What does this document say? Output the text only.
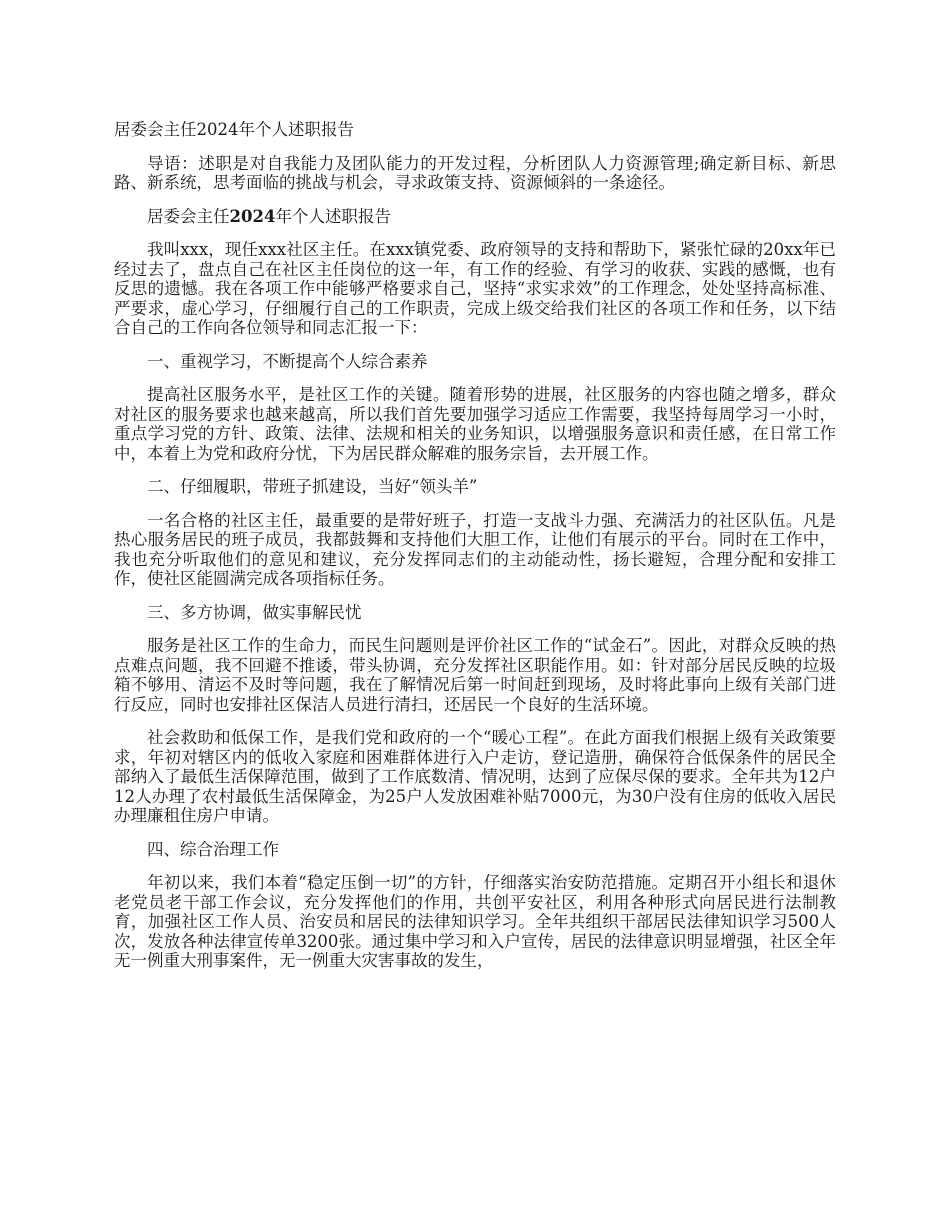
居委会主任2024年个人述职报告

导语：述职是对自我能力及团队能力的开发过程，分析团队人力资源管理;确定新目标、新思路、新系统，思考面临的挑战与机会，寻求政策支持、资源倾斜的一条途径。

居委会主任2024年个人述职报告

我叫xxx，现任xxx社区主任。在xxx镇党委、政府领导的支持和帮助下，紧张忙碌的20xx年已经过去了，盘点自己在社区主任岗位的这一年，有工作的经验、有学习的收获、实践的感慨，也有反思的遗憾。我在各项工作中能够严格要求自己，坚持“求实求效”的工作理念，处处坚持高标准、严要求，虚心学习，仔细履行自己的工作职责，完成上级交给我们社区的各项工作和任务，以下结合自己的工作向各位领导和同志汇报一下：

一、重视学习，不断提高个人综合素养

提高社区服务水平，是社区工作的关键。随着形势的进展，社区服务的内容也随之增多，群众对社区的服务要求也越来越高，所以我们首先要加强学习适应工作需要，我坚持每周学习一小时，重点学习党的方针、政策、法律、法规和相关的业务知识，以增强服务意识和责任感，在日常工作中，本着上为党和政府分忧，下为居民群众解难的服务宗旨，去开展工作。

二、仔细履职，带班子抓建设，当好“领头羊”

一名合格的社区主任，最重要的是带好班子，打造一支战斗力强、充满活力的社区队伍。凡是热心服务居民的班子成员，我都鼓舞和支持他们大胆工作，让他们有展示的平台。同时在工作中，我也充分听取他们的意见和建议，充分发挥同志们的主动能动性，扬长避短，合理分配和安排工作，使社区能圆满完成各项指标任务。

三、多方协调，做实事解民忧

服务是社区工作的生命力，而民生问题则是评价社区工作的“试金石”。因此，对群众反映的热点难点问题，我不回避不推诿，带头协调，充分发挥社区职能作用。如：针对部分居民反映的垃圾箱不够用、清运不及时等问题，我在了解情况后第一时间赶到现场，及时将此事向上级有关部门进行反应，同时也安排社区保洁人员进行清扫，还居民一个良好的生活环境。

社会救助和低保工作，是我们党和政府的一个“暖心工程”。在此方面我们根据上级有关政策要求，年初对辖区内的低收入家庭和困难群体进行入户走访，登记造册，确保符合低保条件的居民全部纳入了最低生活保障范围，做到了工作底数清、情况明，达到了应保尽保的要求。全年共为12户12人办理了农村最低生活保障金，为25户人发放困难补贴7000元，为30户没有住房的低收入居民办理廉租住房户申请。

四、综合治理工作

年初以来，我们本着“稳定压倒一切”的方针，仔细落实治安防范措施。定期召开小组长和退休老党员老干部工作会议，充分发挥他们的作用，共创平安社区，利用各种形式向居民进行法制教育，加强社区工作人员、治安员和居民的法律知识学习。全年共组织干部居民法律知识学习500人次，发放各种法律宣传单3200张。通过集中学习和入户宣传，居民的法律意识明显增强，社区全年无一例重大刑事案件，无一例重大灾害事故的发生，
